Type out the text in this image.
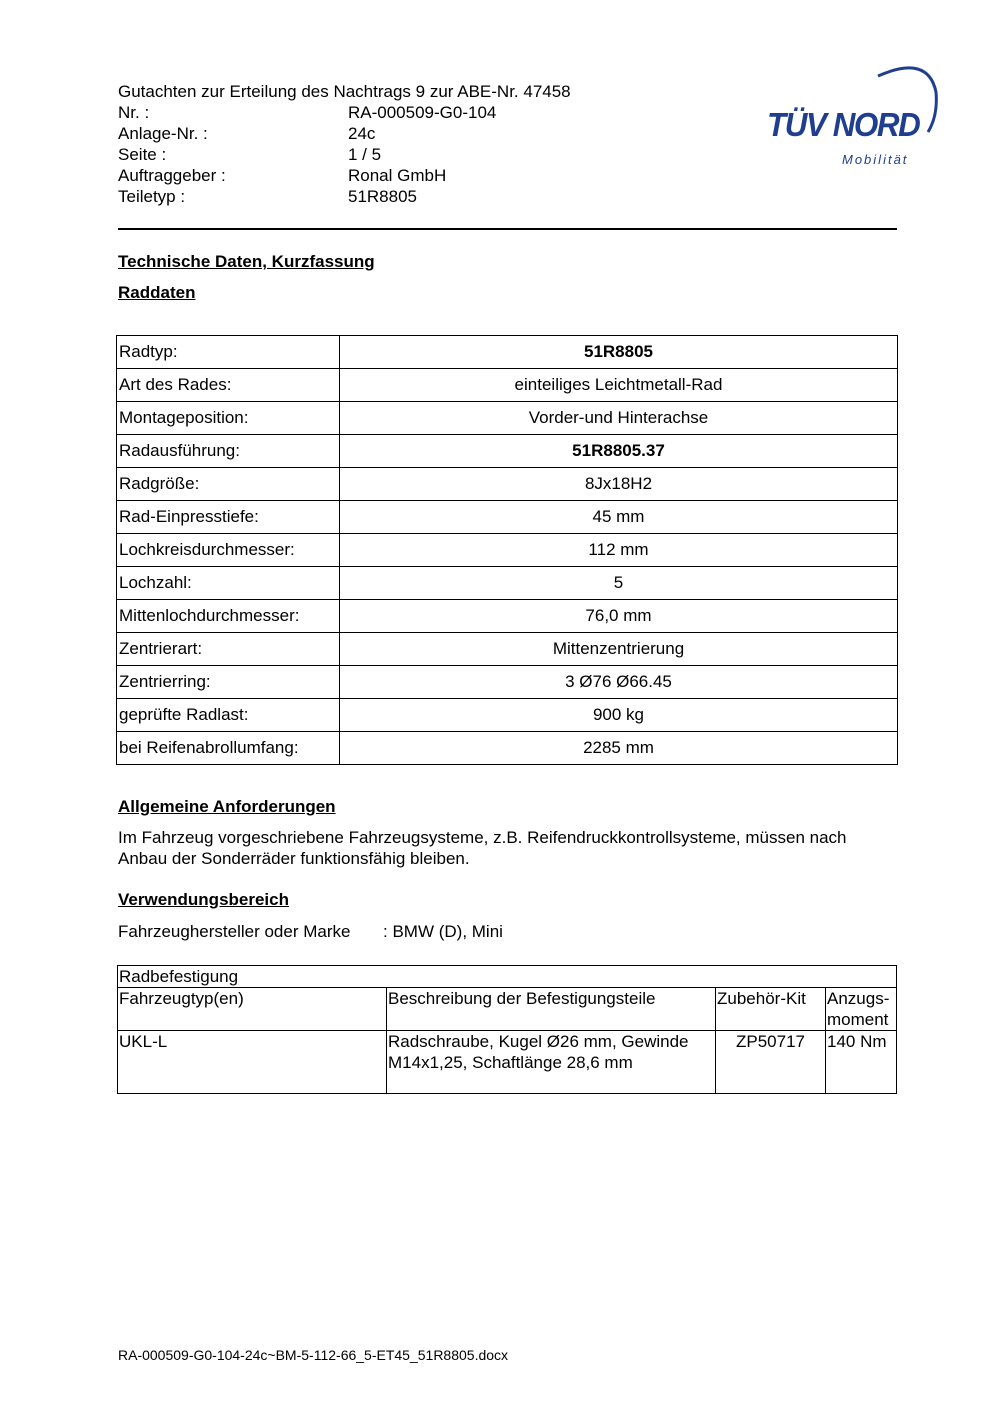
Gutachten zur Erteilung des Nachtrags 9 zur ABE-Nr. 47458
Nr. :	RA-000509-G0-104
Anlage-Nr. :	24c
Seite :	1 / 5
Auftraggeber :	Ronal GmbH
Teiletyp :	51R8805
TÜV NORD
Mobilität
Technische Daten, Kurzfassung
Raddaten
Radtyp:	51R8805
Art des Rades:	einteiliges Leichtmetall-Rad
Montageposition:	Vorder-und Hinterachse
Radausführung:	51R8805.37
Radgröße:	8Jx18H2
Rad-Einpresstiefe:	45 mm
Lochkreisdurchmesser:	112 mm
Lochzahl:	5
Mittenlochdurchmesser:	76,0 mm
Zentrierart:	Mittenzentrierung
Zentrierring:	3 Ø76 Ø66.45
geprüfte Radlast:	900 kg
bei Reifenabrollumfang:	2285 mm
Allgemeine Anforderungen
Im Fahrzeug vorgeschriebene Fahrzeugsysteme, z.B. Reifendruckkontrollsysteme, müssen nach Anbau der Sonderräder funktionsfähig bleiben.
Verwendungsbereich
Fahrzeughersteller oder Marke	: BMW (D), Mini
Radbefestigung			
Fahrzeugtyp(en)	Beschreibung der Befestigungsteile	Zubehör-Kit	Anzugs-moment
UKL-L	Radschraube, Kugel Ø26 mm, Gewinde M14x1,25, Schaftlänge 28,6 mm	ZP50717	140 Nm
RA-000509-G0-104-24c~BM-5-112-66_5-ET45_51R8805.docx
